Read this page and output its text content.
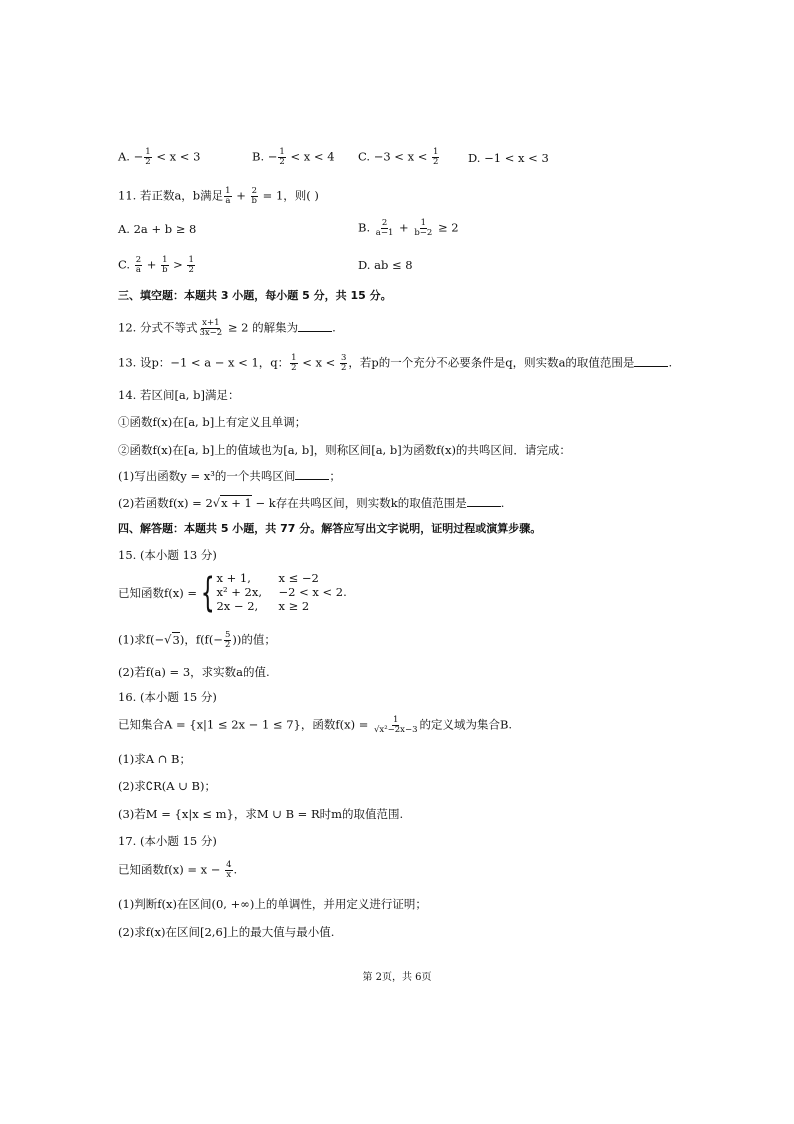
A. − $\frac{1}{2} < x < 3$	B. − $\frac{1}{2} < x < 4$ C. $-3 < x < \frac{1}{2} D$. −1 < x < 3
11. 若正数a，b满足 $\frac{1}{a} + \frac{2}{b} = 1$，则( )
A. 2a + b ≥ 8	B. $\frac{2}{a-1} + \frac{1}{b-2} \ge 2$
C. $\frac{2}{a} + \frac{1}{b} > \frac{1}{2}$	D. ab ≤ 8
三、填空题：本题共 3 小题，每小题 5 分，共 15 分。
12. 分式不等式 $\frac{x+1}{3x-2} \ge 2$ 的解集为	.
13. 设p：−1 < a − x < 1，q： $\frac{1}{2} < x < \frac{3}{2}$ ，若p的一个充分不必要条件是q，则实数a的取值范围是	.
14. 若区间[a, b]满足：
①函数f(x)在[a, b]上有定义且单调；
②函数f(x)在[a, b]上的值域也为[a, b]，则称区间[a, b]为函数f(x)的共鸣区间．请完成：
(1)写出函数y = x³的一个共鸣区间	；
(2)若函数f(x) = 2√x + 1 − k存在共鸣区间，则实数k的取值范围是	.
四、解答题：本题共 5 小题，共 77 分。解答应写出文字说明，证明过程或演算步骤。
15. (本小题 13 分)
已知函数f(x) = { x + 1,	x ≤ −2
x² + 2x,	−2 < x < 2.
2x − 2,	x ≥ 2
(1)求f(−√3)，$f(f(- \frac{5}{2}$ ))的值；
(2)若f(a) = 3，求实数a的值.
16. (本小题 15 分)
已知集合A = {x|1 ≤ 2x − 1 ≤ 7}，函数$f(x) = \frac{1}{\text{√x²−2x−3}}$ 的定义域为集合B.
(1)求A ∩ B；
(2)求∁R(A ∪ B)；
(3)若M = {x|x ≤ m}，求M ∪ B = R时m的取值范围.
17. (本小题 15 分)
已知函数$f(x) = x - \frac{4}{x}$ .
(1)判断f(x)在区间(0, +∞)上的单调性，并用定义进行证明；
(2)求f(x)在区间[2,6]上的最大值与最小值.
第 2页，共 6页
